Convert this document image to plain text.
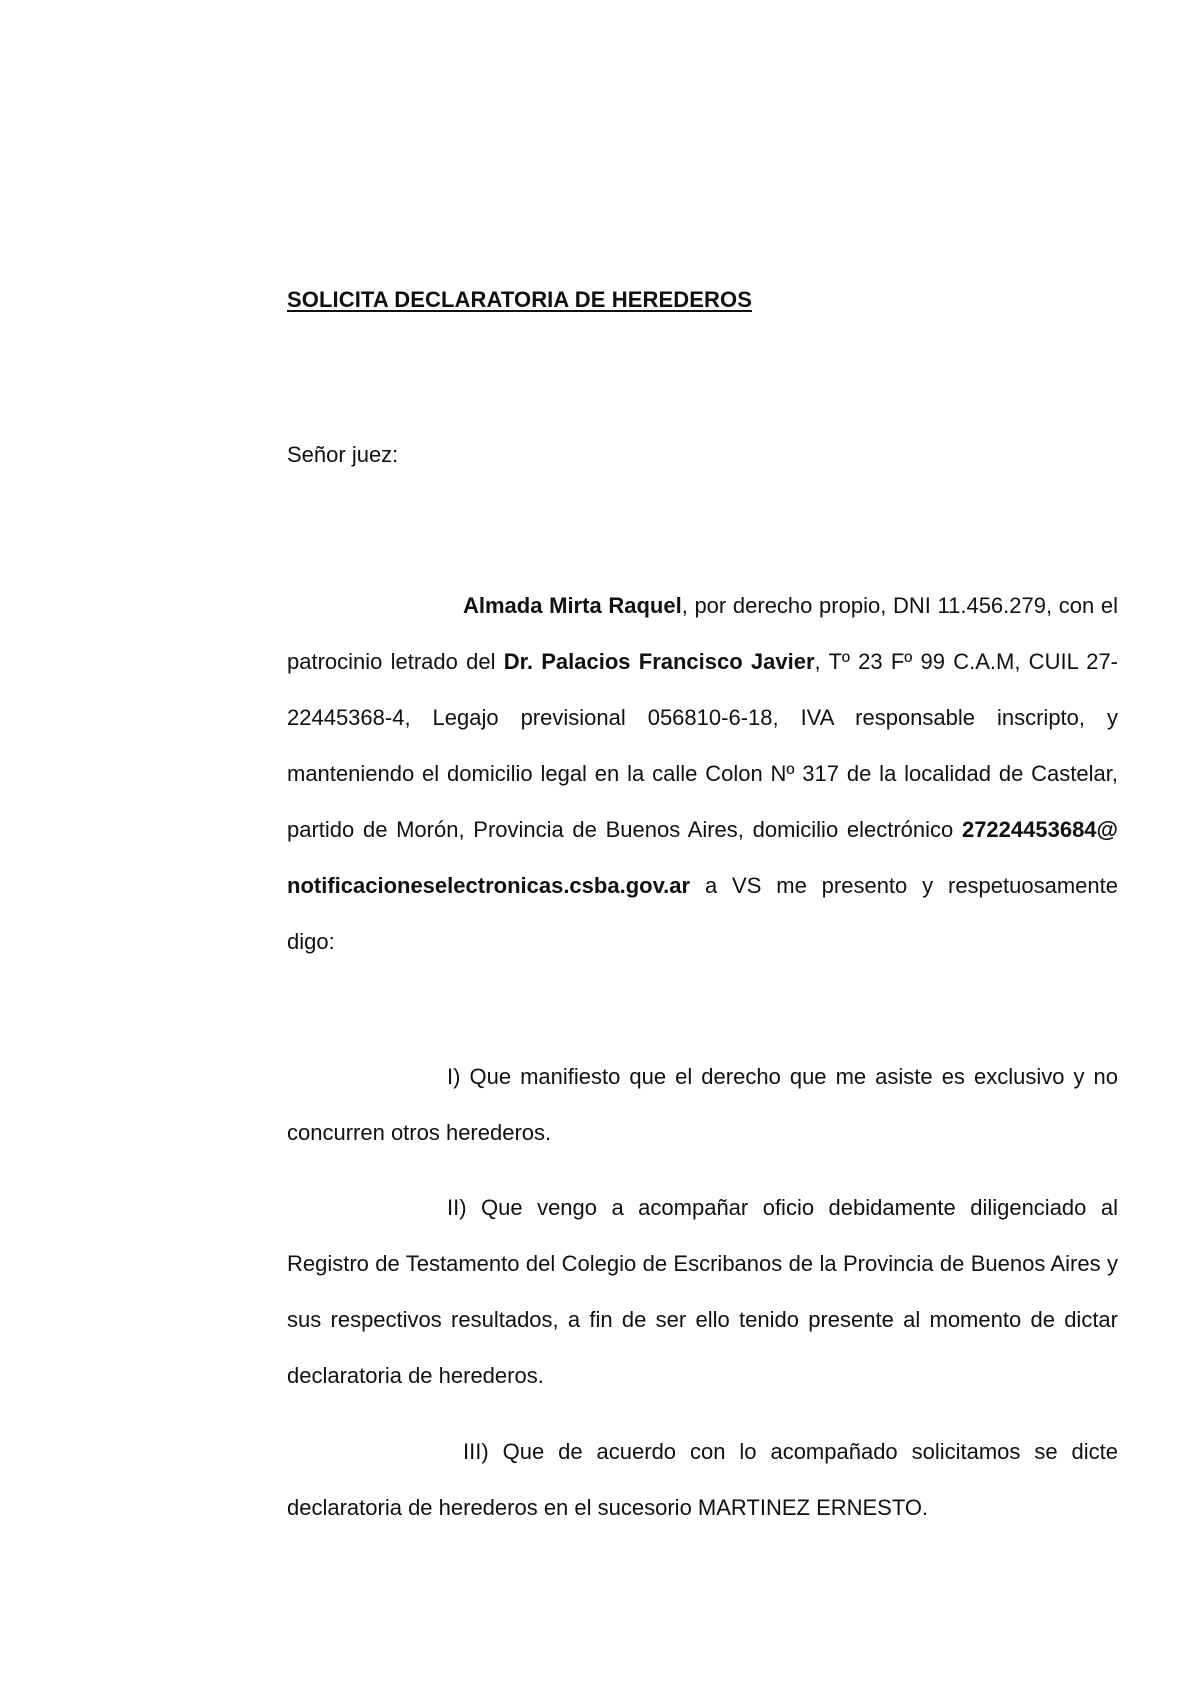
SOLICITA DECLARATORIA DE HEREDEROS

Señor juez:

Almada Mirta Raquel, por derecho propio, DNI 11.456.279, con el patrocinio letrado del Dr. Palacios Francisco Javier, Tº 23 Fº 99 C.A.M, CUIL 27-22445368-4, Legajo previsional 056810-6-18, IVA responsable inscripto, y manteniendo el domicilio legal en la calle Colon Nº 317 de la localidad de Castelar, partido de Morón, Provincia de Buenos Aires, domicilio electrónico 27224453684@ notificacioneselectronicas.csba.gov.ar a VS me presento y respetuosamente digo:

I) Que manifiesto que el derecho que me asiste es exclusivo y no concurren otros herederos.

II) Que vengo a acompañar oficio debidamente diligenciado al Registro de Testamento del Colegio de Escribanos de la Provincia de Buenos Aires y sus respectivos resultados, a fin de ser ello tenido presente al momento de dictar declaratoria de herederos.

III) Que de acuerdo con lo acompañado solicitamos se dicte declaratoria de herederos en el sucesorio MARTINEZ ERNESTO.
